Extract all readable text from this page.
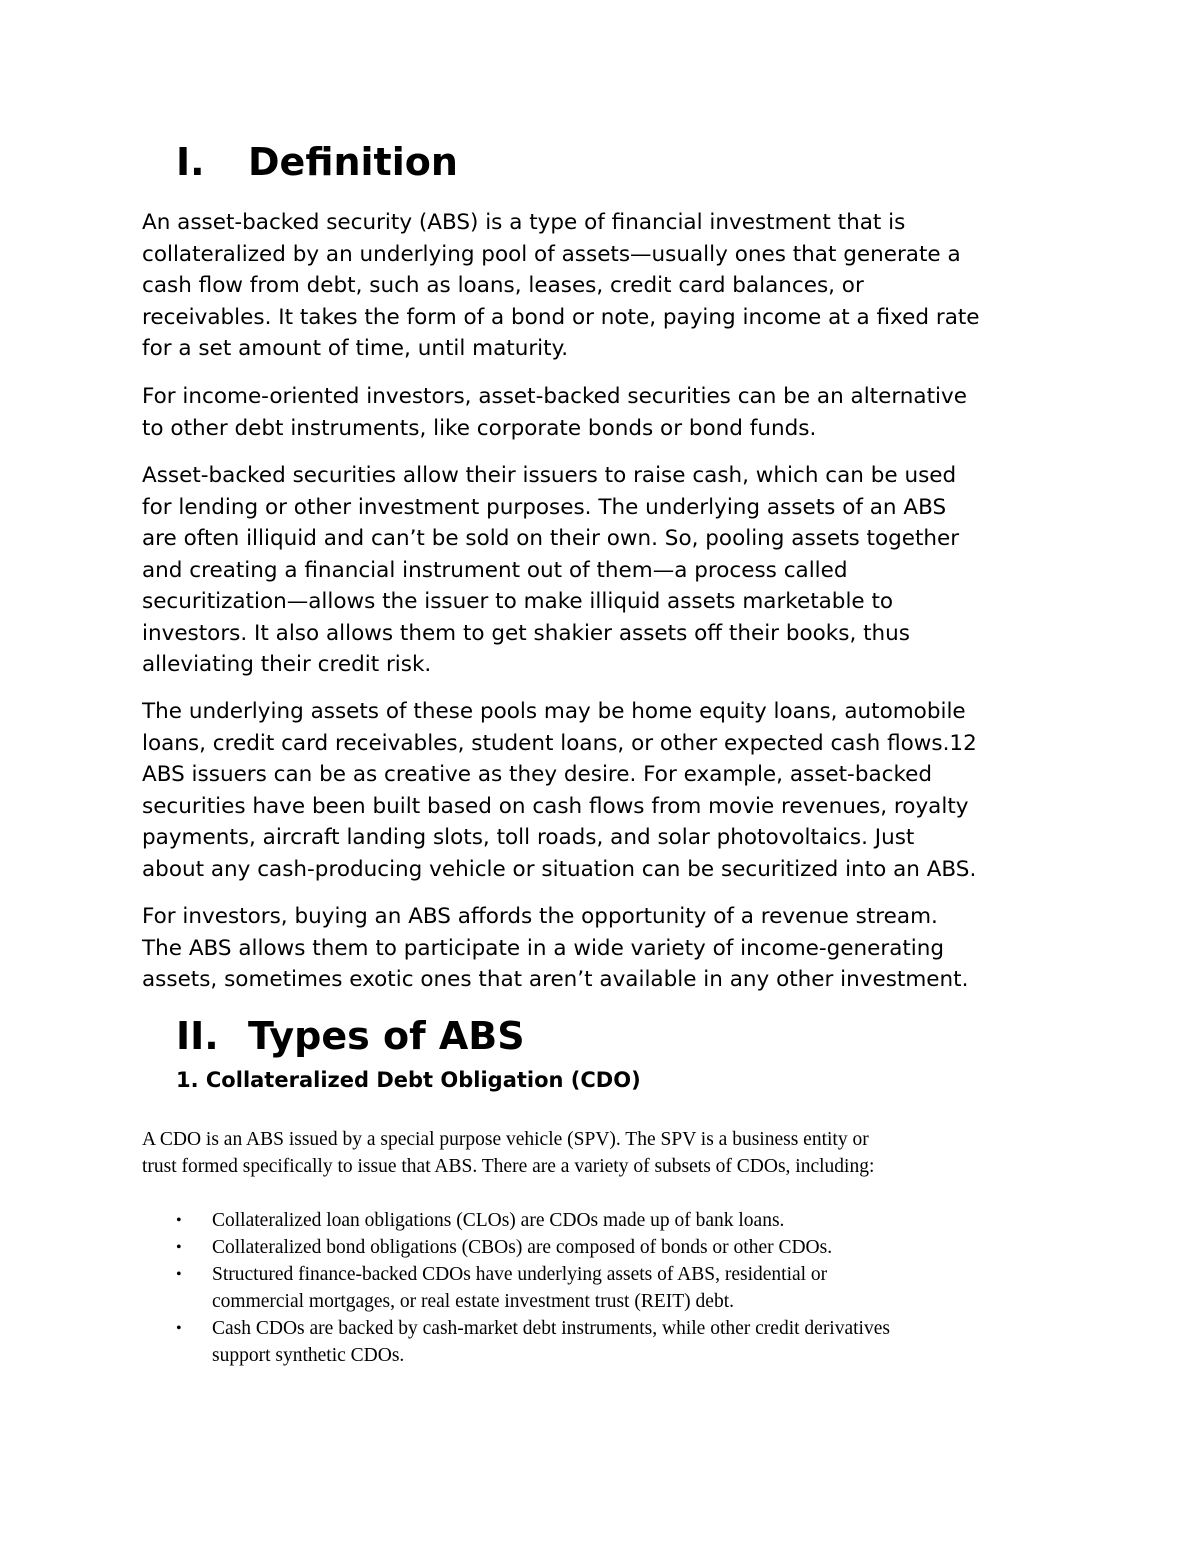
I. Definition
An asset-backed security (ABS) is a type of financial investment that is
collateralized by an underlying pool of assets—usually ones that generate a
cash flow from debt, such as loans, leases, credit card balances, or
receivables. It takes the form of a bond or note, paying income at a fixed rate
for a set amount of time, until maturity.
For income-oriented investors, asset-backed securities can be an alternative
to other debt instruments, like corporate bonds or bond funds.
Asset-backed securities allow their issuers to raise cash, which can be used
for lending or other investment purposes. The underlying assets of an ABS
are often illiquid and can’t be sold on their own. So, pooling assets together
and creating a financial instrument out of them—a process called
securitization—allows the issuer to make illiquid assets marketable to
investors. It also allows them to get shakier assets off their books, thus
alleviating their credit risk.
The underlying assets of these pools may be home equity loans, automobile
loans, credit card receivables, student loans, or other expected cash flows.12
ABS issuers can be as creative as they desire. For example, asset-backed
securities have been built based on cash flows from movie revenues, royalty
payments, aircraft landing slots, toll roads, and solar photovoltaics. Just
about any cash-producing vehicle or situation can be securitized into an ABS.
For investors, buying an ABS affords the opportunity of a revenue stream.
The ABS allows them to participate in a wide variety of income-generating
assets, sometimes exotic ones that aren’t available in any other investment.
II. Types of ABS
1. Collateralized Debt Obligation (CDO)
A CDO is an ABS issued by a special purpose vehicle (SPV). The SPV is a business entity or
trust formed specifically to issue that ABS. There are a variety of subsets of CDOs, including:
•	Collateralized loan obligations (CLOs) are CDOs made up of bank loans.
•	Collateralized bond obligations (CBOs) are composed of bonds or other CDOs.
•	Structured finance-backed CDOs have underlying assets of ABS, residential or
commercial mortgages, or real estate investment trust (REIT) debt.
•	Cash CDOs are backed by cash-market debt instruments, while other credit derivatives
support synthetic CDOs.
